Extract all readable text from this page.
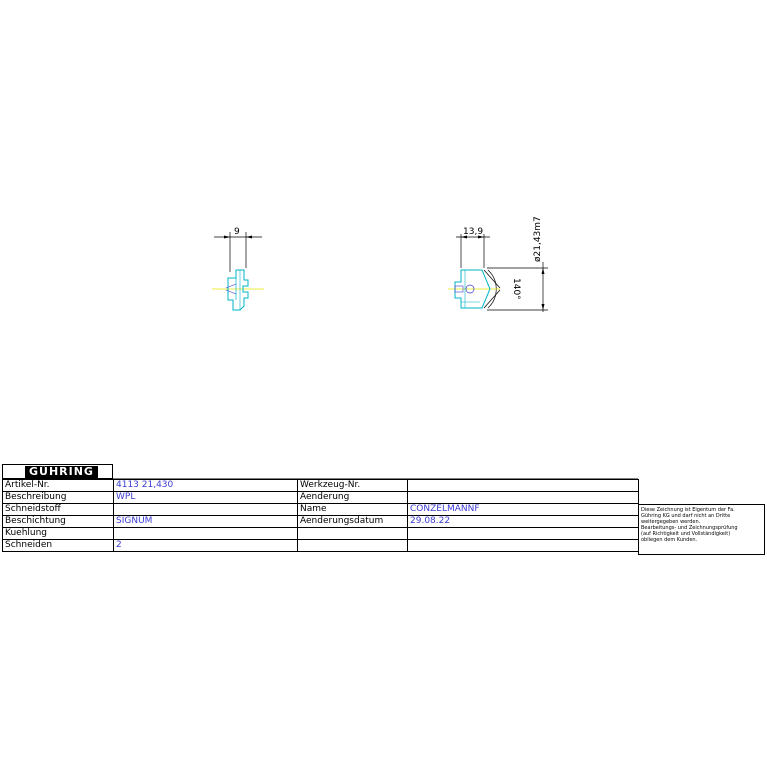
9	13,9	ø21,43m7
140°
GÜHRING
Artikel-Nr.	4113 21,430	Werkzeug-Nr.	
Beschreibung	WPL	Aenderung	
Schneidstoff		Name	CONZELMANNF
Beschichtung	SIGNUM	Aenderungsdatum	29.08.22
Kuehlung			
Schneiden	2		
Diese Zeichnung ist Eigentum der Fa.
Gühring KG und darf nicht an Dritte
weitergegeben werden.
Bearbeitungs- und Zeichnungsprüfung
(auf Richtigkeit und Vollständigkeit)
obliegen dem Kunden.
